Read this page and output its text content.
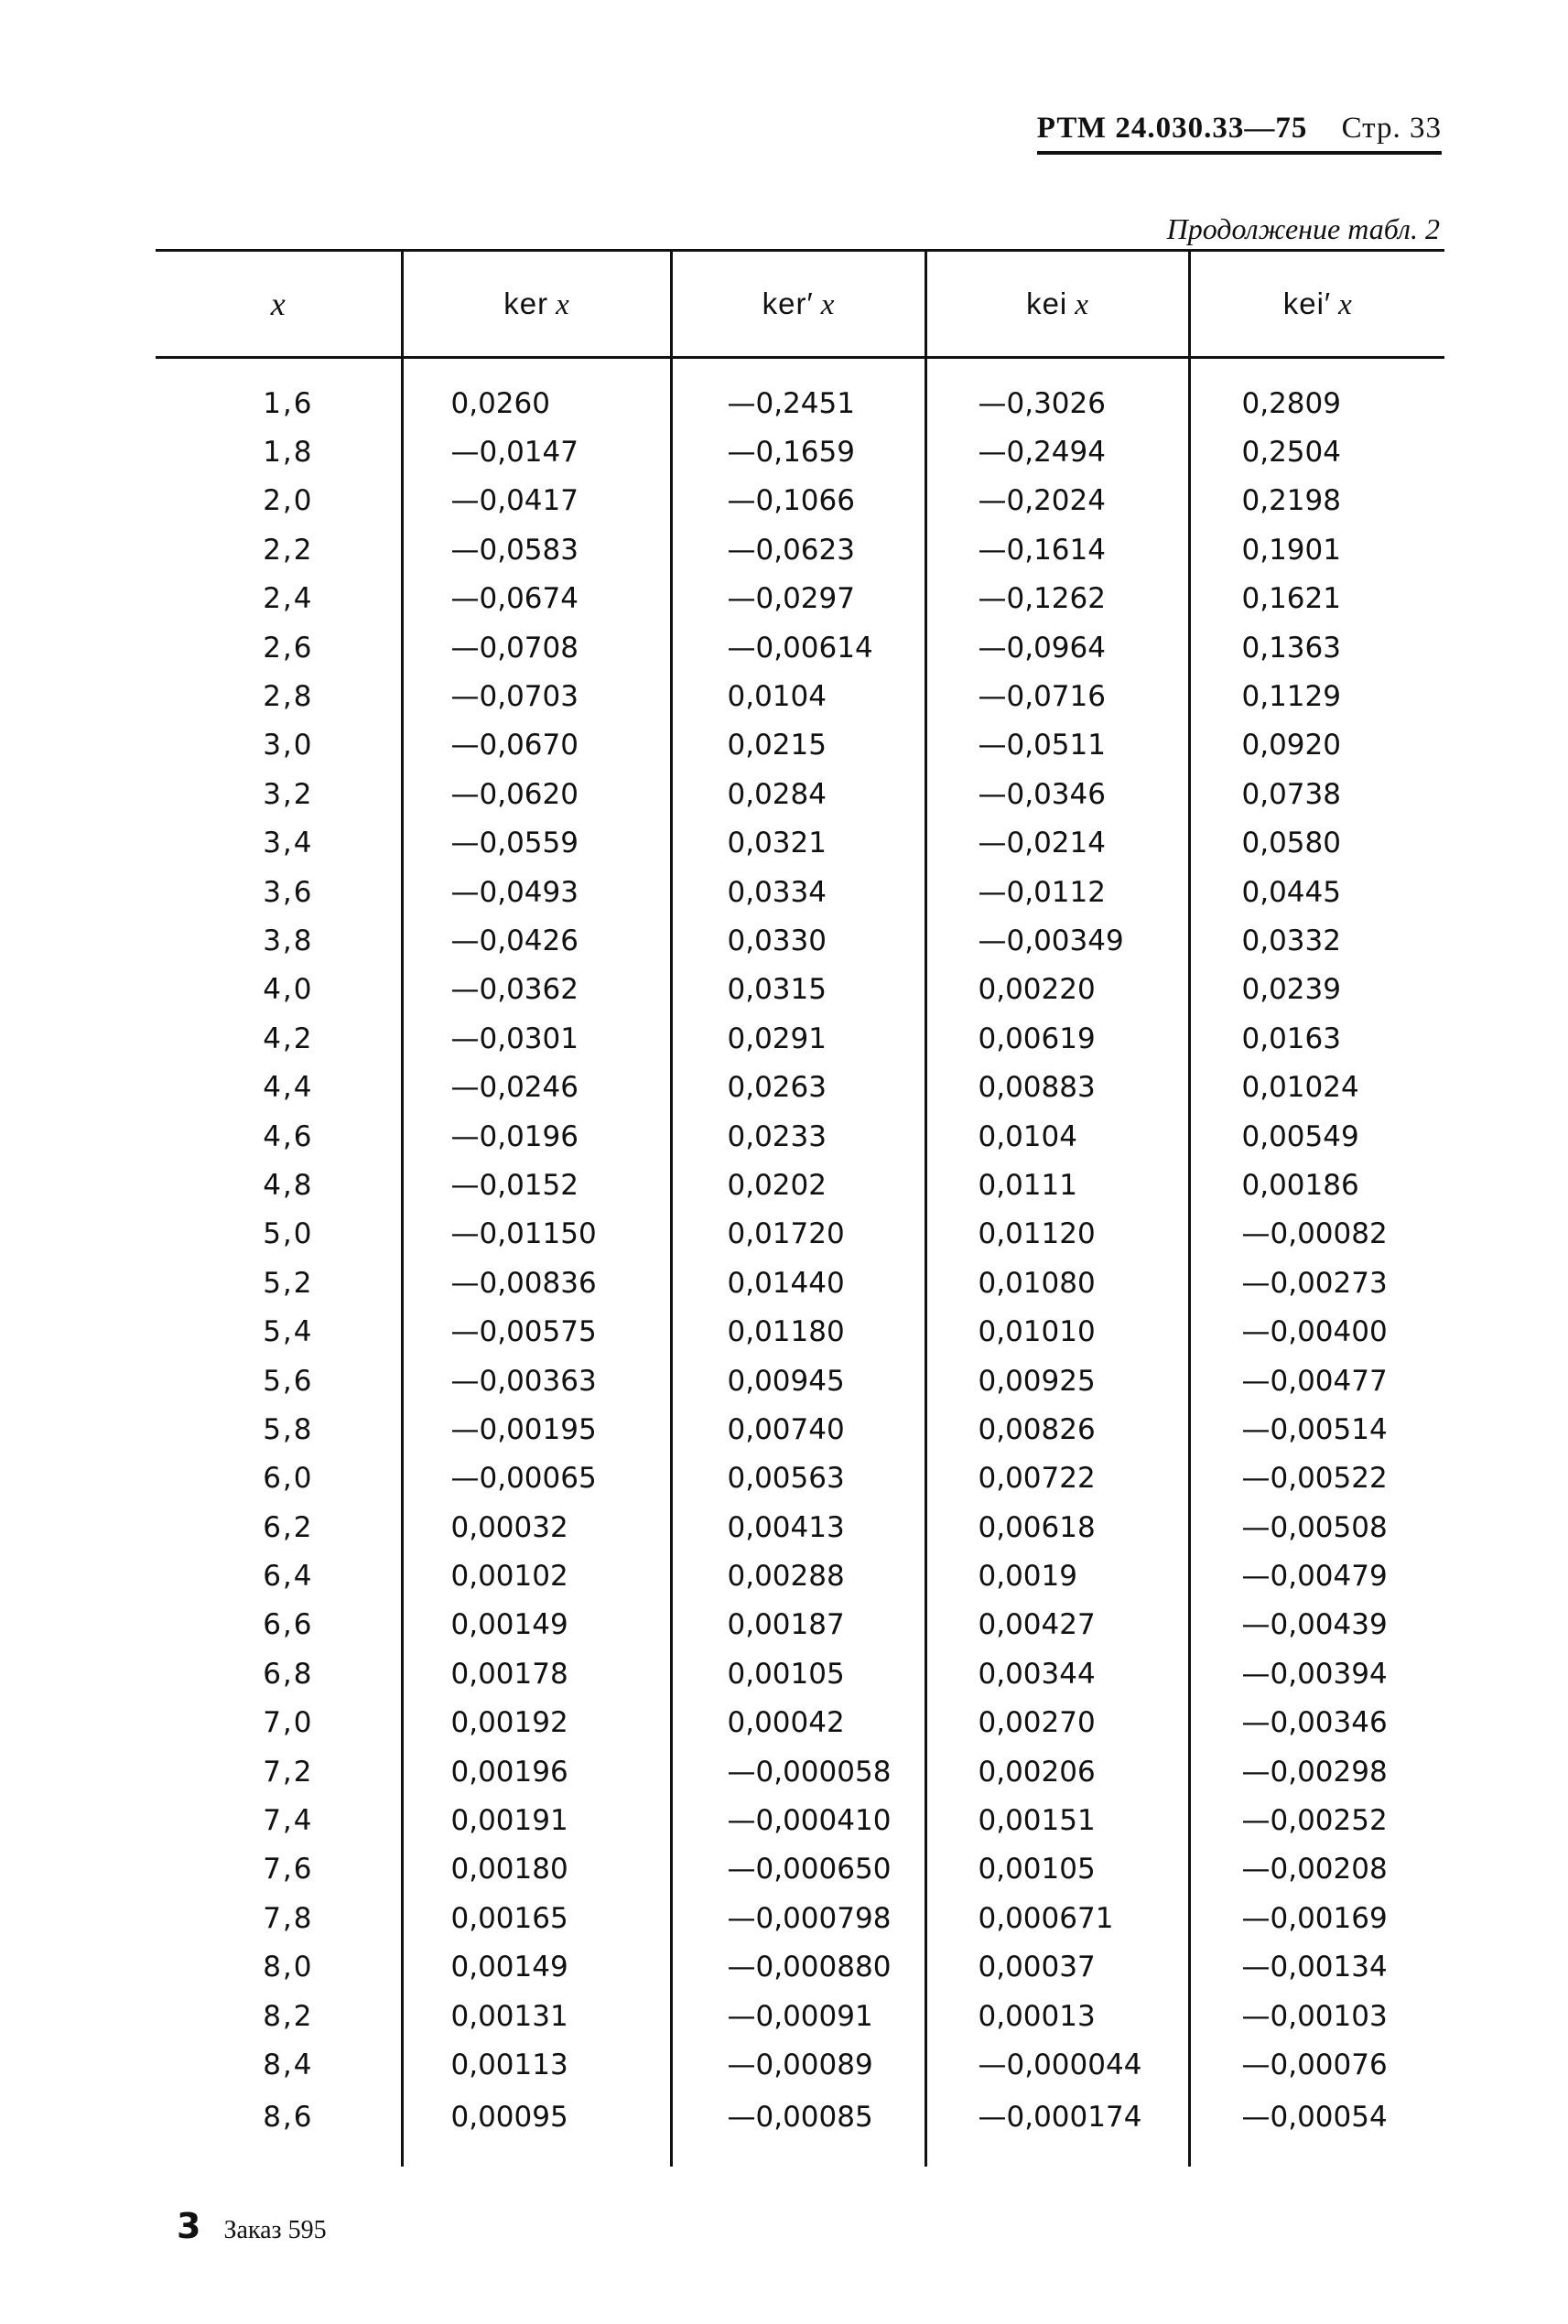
РТМ 24.030.33—75 Стр. 33
Продолжение табл. 2
x	ker x	ker′ x	kei x	kei′ x
1,6	0,0260	—0,2451	—0,3026	0,2809
1,8	—0,0147	—0,1659	—0,2494	0,2504
2,0	—0,0417	—0,1066	—0,2024	0,2198
2,2	—0,0583	—0,0623	—0,1614	0,1901
2,4	—0,0674	—0,0297	—0,1262	0,1621
2,6	—0,0708	—0,00614	—0,0964	0,1363
2,8	—0,0703	0,0104	—0,0716	0,1129
3,0	—0,0670	0,0215	—0,0511	0,0920
3,2	—0,0620	0,0284	—0,0346	0,0738
3,4	—0,0559	0,0321	—0,0214	0,0580
3,6	—0,0493	0,0334	—0,0112	0,0445
3,8	—0,0426	0,0330	—0,00349	0,0332
4,0	—0,0362	0,0315	0,00220	0,0239
4,2	—0,0301	0,0291	0,00619	0,0163
4,4	—0,0246	0,0263	0,00883	0,01024
4,6	—0,0196	0,0233	0,0104	0,00549
4,8	—0,0152	0,0202	0,0111	0,00186
5,0	—0,01150	0,01720	0,01120	—0,00082
5,2	—0,00836	0,01440	0,01080	—0,00273
5,4	—0,00575	0,01180	0,01010	—0,00400
5,6	—0,00363	0,00945	0,00925	—0,00477
5,8	—0,00195	0,00740	0,00826	—0,00514
6,0	—0,00065	0,00563	0,00722	—0,00522
6,2	0,00032	0,00413	0,00618	—0,00508
6,4	0,00102	0,00288	0,0019	—0,00479
6,6	0,00149	0,00187	0,00427	—0,00439
6,8	0,00178	0,00105	0,00344	—0,00394
7,0	0,00192	0,00042	0,00270	—0,00346
7,2	0,00196	—0,000058	0,00206	—0,00298
7,4	0,00191	—0,000410	0,00151	—0,00252
7,6	0,00180	—0,000650	0,00105	—0,00208
7,8	0,00165	—0,000798	0,000671	—0,00169
8,0	0,00149	—0,000880	0,00037	—0,00134
8,2	0,00131	—0,00091	0,00013	—0,00103
8,4	0,00113	—0,00089	—0,000044	—0,00076
8,6	0,00095	—0,00085	—0,000174	—0,00054
3 Заказ 595
